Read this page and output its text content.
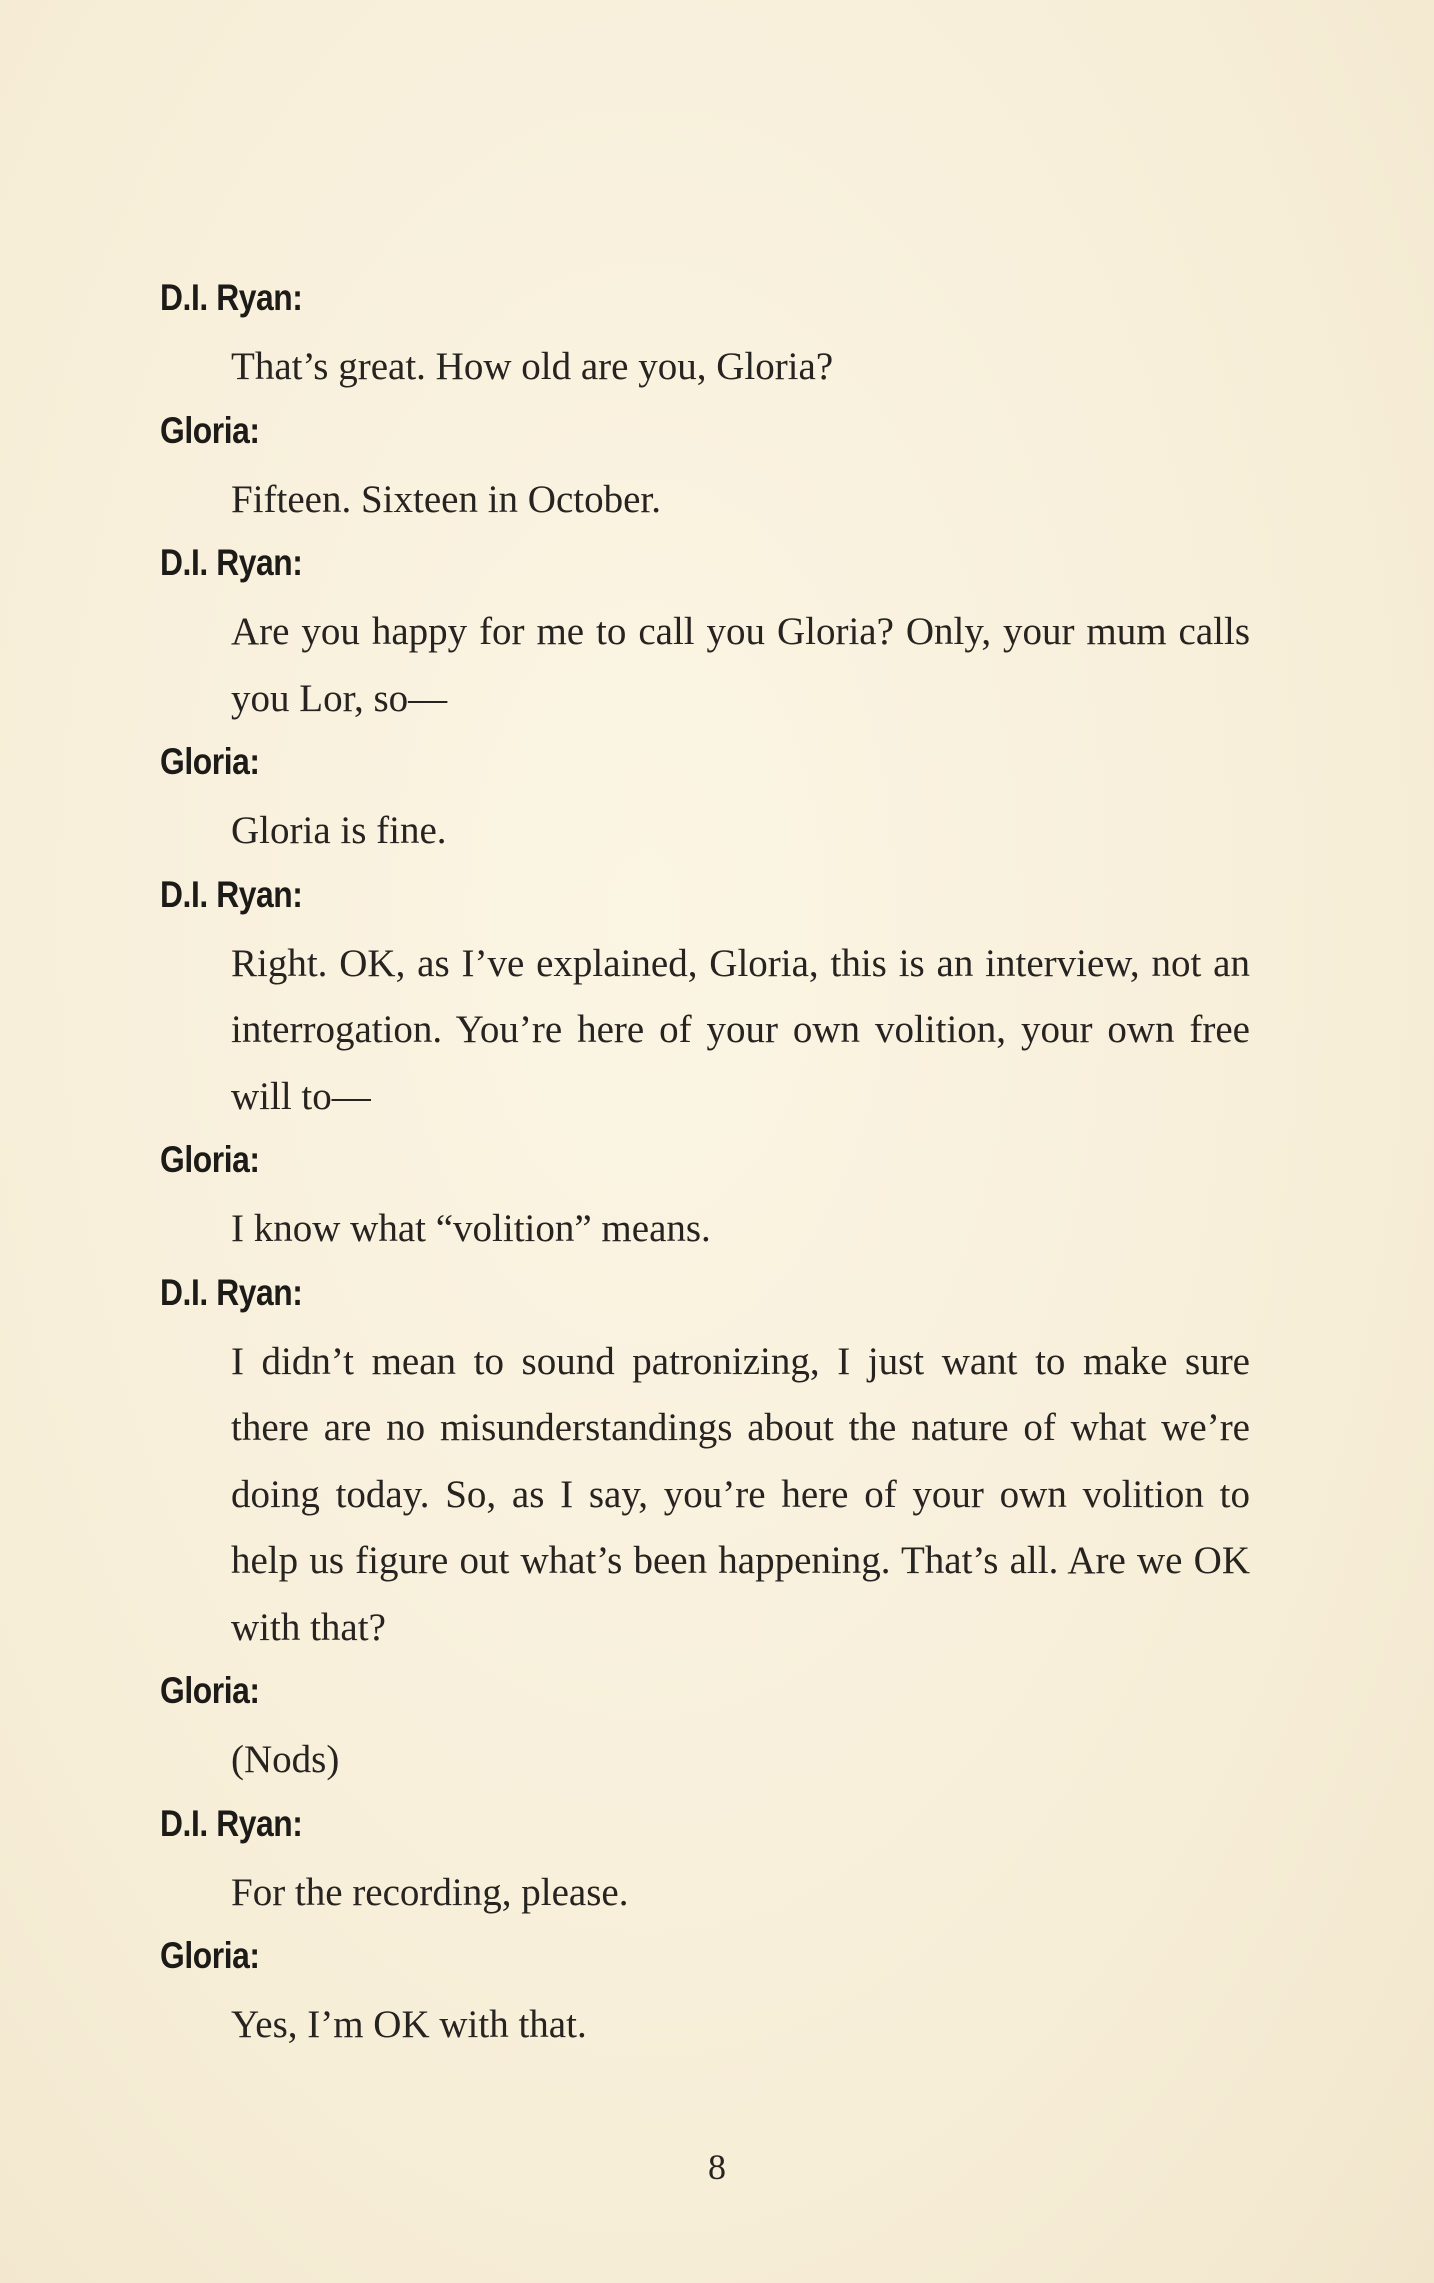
D.I. Ryan:
That’s great. How old are you, Gloria?
Gloria:
Fifteen. Sixteen in October.
D.I. Ryan:
Are you happy for me to call you Gloria? Only, your mum calls you Lor, so—
Gloria:
Gloria is fine.
D.I. Ryan:
Right. OK, as I’ve explained, Gloria, this is an interview, not an interrogation. You’re here of your own volition, your own free will to—
Gloria:
I know what “volition” means.
D.I. Ryan:
I didn’t mean to sound patronizing, I just want to make sure there are no misunderstandings about the nature of what we’re doing today. So, as I say, you’re here of your own volition to help us figure out what’s been happening. That’s all. Are we OK with that?
Gloria:
(Nods)
D.I. Ryan:
For the recording, please.
Gloria:
Yes, I’m OK with that.
8
